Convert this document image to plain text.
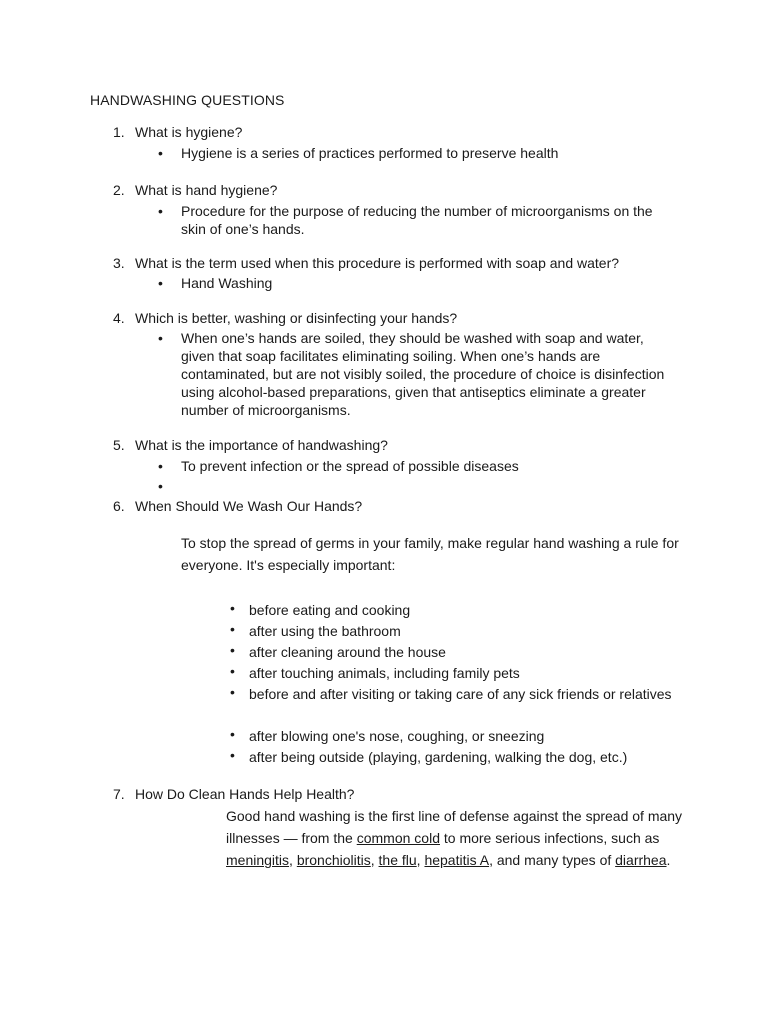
HANDWASHING QUESTIONS
1. What is hygiene?
• Hygiene is a series of practices performed to preserve health
2. What is hand hygiene?
• Procedure for the purpose of reducing the number of microorganisms on the skin of one’s hands.
3. What is the term used when this procedure is performed with soap and water?
• Hand Washing
4. Which is better, washing or disinfecting your hands?
• When one’s hands are soiled, they should be washed with soap and water, given that soap facilitates eliminating soiling. When one’s hands are contaminated, but are not visibly soiled, the procedure of choice is disinfection using alcohol-based preparations, given that antiseptics eliminate a greater number of microorganisms.
5. What is the importance of handwashing?
• To prevent infection or the spread of possible diseases
•
6. When Should We Wash Our Hands?
To stop the spread of germs in your family, make regular hand washing a rule for everyone. It's especially important:
• before eating and cooking
• after using the bathroom
• after cleaning around the house
• after touching animals, including family pets
• before and after visiting or taking care of any sick friends or relatives
• after blowing one's nose, coughing, or sneezing
• after being outside (playing, gardening, walking the dog, etc.)
7. How Do Clean Hands Help Health?
Good hand washing is the first line of defense against the spread of many illnesses — from the common cold to more serious infections, such as meningitis, bronchiolitis, the flu, hepatitis A, and many types of diarrhea.
